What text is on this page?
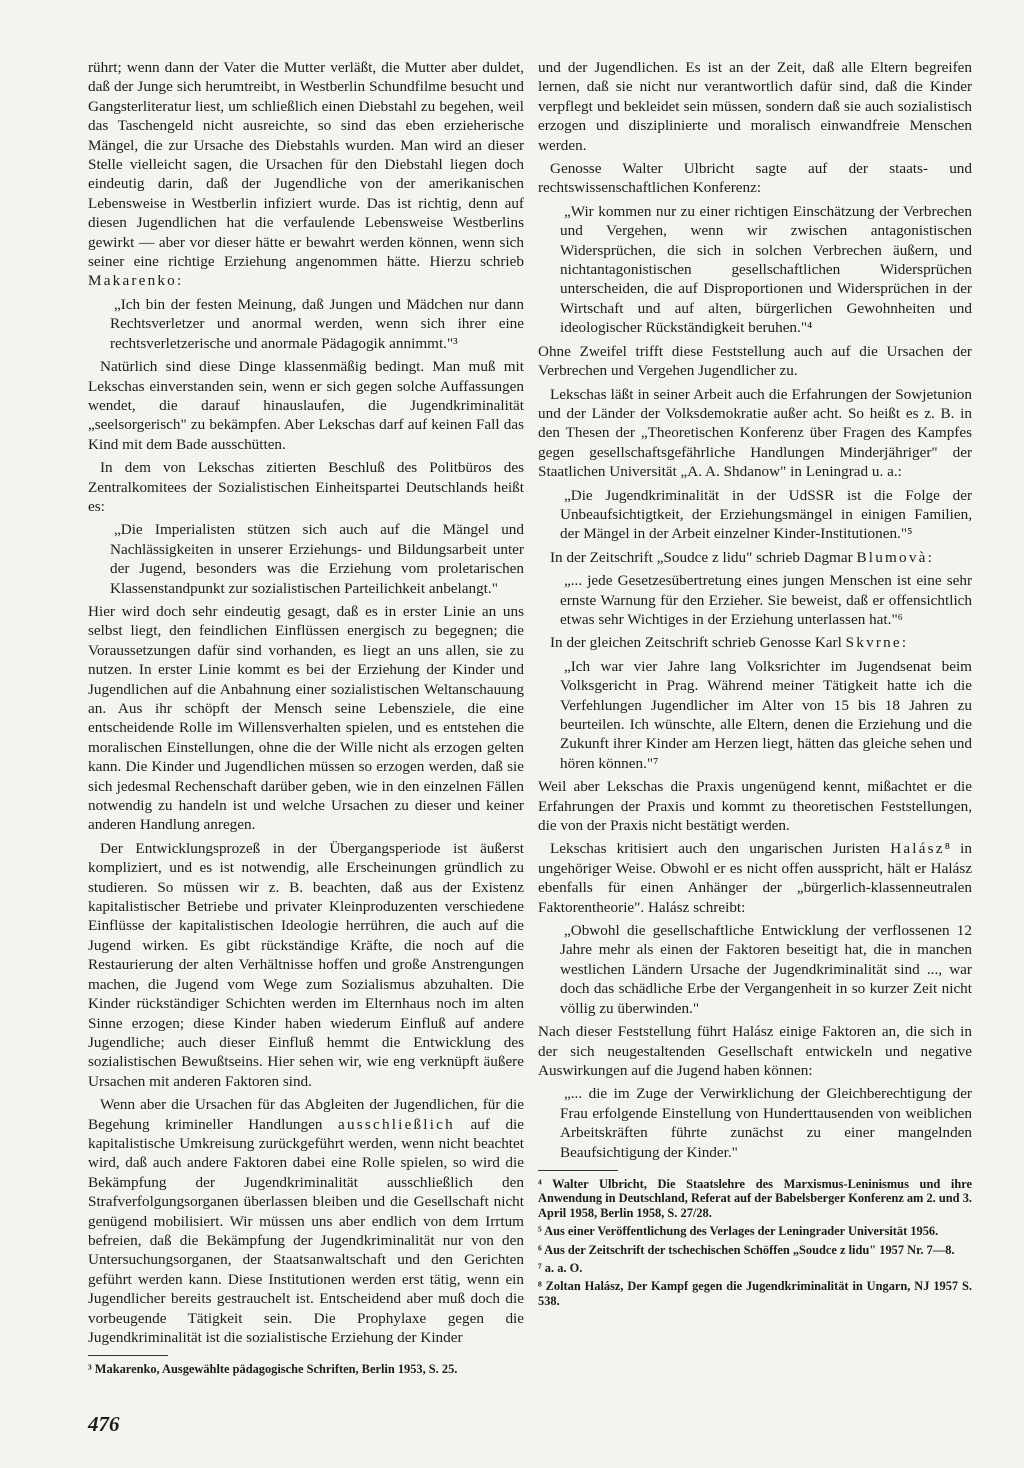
rührt; wenn dann der Vater die Mutter verläßt, die Mutter aber duldet, daß der Junge sich herumtreibt, in Westberlin Schundfilme besucht und Gangsterliteratur liest, um schließlich einen Diebstahl zu begehen, weil das Taschengeld nicht ausreichte, so sind das eben erzieherische Mängel, die zur Ursache des Diebstahls wurden. Man wird an dieser Stelle vielleicht sagen, die Ursachen für den Diebstahl liegen doch eindeutig darin, daß der Jugendliche von der amerikanischen Lebensweise in Westberlin infiziert wurde. Das ist richtig, denn auf diesen Jugendlichen hat die verfaulende Lebensweise Westberlins gewirkt — aber vor dieser hätte er bewahrt werden können, wenn sich seiner eine richtige Erziehung angenommen hätte. Hierzu schrieb Makarenko:

„Ich bin der festen Meinung, daß Jungen und Mädchen nur dann Rechtsverletzer und anormal werden, wenn sich ihrer eine rechtsverletzerische und anormale Pädagogik annimmt."³

Natürlich sind diese Dinge klassenmäßig bedingt. Man muß mit Lekschas einverstanden sein, wenn er sich gegen solche Auffassungen wendet, die darauf hinauslaufen, die Jugendkriminalität „seelsorgerisch" zu bekämpfen. Aber Lekschas darf auf keinen Fall das Kind mit dem Bade ausschütten.

In dem von Lekschas zitierten Beschluß des Politbüros des Zentralkomitees der Sozialistischen Einheitspartei Deutschlands heißt es:

„Die Imperialisten stützen sich auch auf die Mängel und Nachlässigkeiten in unserer Erziehungs- und Bildungsarbeit unter der Jugend, besonders was die Erziehung vom proletarischen Klassenstandpunkt zur sozialistischen Parteilichkeit anbelangt."

Hier wird doch sehr eindeutig gesagt, daß es in erster Linie an uns selbst liegt, den feindlichen Einflüssen energisch zu begegnen; die Voraussetzungen dafür sind vorhanden, es liegt an uns allen, sie zu nutzen. In erster Linie kommt es bei der Erziehung der Kinder und Jugendlichen auf die Anbahnung einer sozialistischen Weltanschauung an. Aus ihr schöpft der Mensch seine Lebensziele, die eine entscheidende Rolle im Willensverhalten spielen, und es entstehen die moralischen Einstellungen, ohne die der Wille nicht als erzogen gelten kann. Die Kinder und Jugendlichen müssen so erzogen werden, daß sie sich jedesmal Rechenschaft darüber geben, wie in den einzelnen Fällen notwendig zu handeln ist und welche Ursachen zu dieser und keiner anderen Handlung anregen.

Der Entwicklungsprozeß in der Übergangsperiode ist äußerst kompliziert, und es ist notwendig, alle Erscheinungen gründlich zu studieren. So müssen wir z. B. beachten, daß aus der Existenz kapitalistischer Betriebe und privater Kleinproduzenten verschiedene Einflüsse der kapitalistischen Ideologie herrühren, die auch auf die Jugend wirken. Es gibt rückständige Kräfte, die noch auf die Restaurierung der alten Verhältnisse hoffen und große Anstrengungen machen, die Jugend vom Wege zum Sozialismus abzuhalten. Die Kinder rückständiger Schichten werden im Elternhaus noch im alten Sinne erzogen; diese Kinder haben wiederum Einfluß auf andere Jugendliche; auch dieser Einfluß hemmt die Entwicklung des sozialistischen Bewußtseins. Hier sehen wir, wie eng verknüpft äußere Ursachen mit anderen Faktoren sind.

Wenn aber die Ursachen für das Abgleiten der Jugendlichen, für die Begehung krimineller Handlungen ausschließlich auf die kapitalistische Umkreisung zurückgeführt werden, wenn nicht beachtet wird, daß auch andere Faktoren dabei eine Rolle spielen, so wird die Bekämpfung der Jugendkriminalität ausschließlich den Strafverfolgungsorganen überlassen bleiben und die Gesellschaft nicht genügend mobilisiert. Wir müssen uns aber endlich von dem Irrtum befreien, daß die Bekämpfung der Jugendkriminalität nur von den Untersuchungsorganen, der Staatsanwaltschaft und den Gerichten geführt werden kann. Diese Institutionen werden erst tätig, wenn ein Jugendlicher bereits gestrauchelt ist. Entscheidend aber muß doch die vorbeugende Tätigkeit sein. Die Prophylaxe gegen die Jugendkriminalität ist die sozialistische Erziehung der Kinder

³ Makarenko, Ausgewählte pädagogische Schriften, Berlin 1953, S. 25.

und der Jugendlichen. Es ist an der Zeit, daß alle Eltern begreifen lernen, daß sie nicht nur verantwortlich dafür sind, daß die Kinder verpflegt und bekleidet sein müssen, sondern daß sie auch sozialistisch erzogen und disziplinierte und moralisch einwandfreie Menschen werden.

Genosse Walter Ulbricht sagte auf der staats- und rechtswissenschaftlichen Konferenz:

„Wir kommen nur zu einer richtigen Einschätzung der Verbrechen und Vergehen, wenn wir zwischen antagonistischen Widersprüchen, die sich in solchen Verbrechen äußern, und nichtantagonistischen gesellschaftlichen Widersprüchen unterscheiden, die auf Disproportionen und Widersprüchen in der Wirtschaft und auf alten, bürgerlichen Gewohnheiten und ideologischer Rückständigkeit beruhen."⁴

Ohne Zweifel trifft diese Feststellung auch auf die Ursachen der Verbrechen und Vergehen Jugendlicher zu.

Lekschas läßt in seiner Arbeit auch die Erfahrungen der Sowjetunion und der Länder der Volksdemokratie außer acht. So heißt es z. B. in den Thesen der „Theoretischen Konferenz über Fragen des Kampfes gegen gesellschaftsgefährliche Handlungen Minderjähriger" der Staatlichen Universität „A. A. Shdanow" in Leningrad u. a.:

„Die Jugendkriminalität in der UdSSR ist die Folge der Unbeaufsichtigtkeit, der Erziehungsmängel in einigen Familien, der Mängel in der Arbeit einzelner Kinder-Institutionen."⁵

In der Zeitschrift „Soudce z lidu" schrieb Dagmar Blumovà:

„... jede Gesetzesübertretung eines jungen Menschen ist eine sehr ernste Warnung für den Erzieher. Sie beweist, daß er offensichtlich etwas sehr Wichtiges in der Erziehung unterlassen hat."⁶

In der gleichen Zeitschrift schrieb Genosse Karl Skvrne:

„Ich war vier Jahre lang Volksrichter im Jugendsenat beim Volksgericht in Prag. Während meiner Tätigkeit hatte ich die Verfehlungen Jugendlicher im Alter von 15 bis 18 Jahren zu beurteilen. Ich wünschte, alle Eltern, denen die Erziehung und die Zukunft ihrer Kinder am Herzen liegt, hätten das gleiche sehen und hören können."⁷

Weil aber Lekschas die Praxis ungenügend kennt, mißachtet er die Erfahrungen der Praxis und kommt zu theoretischen Feststellungen, die von der Praxis nicht bestätigt werden.

Lekschas kritisiert auch den ungarischen Juristen Halász⁸ in ungehöriger Weise. Obwohl er es nicht offen ausspricht, hält er Halász ebenfalls für einen Anhänger der „bürgerlich-klassenneutralen Faktorentheorie". Halász schreibt:

„Obwohl die gesellschaftliche Entwicklung der verflossenen 12 Jahre mehr als einen der Faktoren beseitigt hat, die in manchen westlichen Ländern Ursache der Jugendkriminalität sind ..., war doch das schädliche Erbe der Vergangenheit in so kurzer Zeit nicht völlig zu überwinden."

Nach dieser Feststellung führt Halász einige Faktoren an, die sich in der sich neugestaltenden Gesellschaft entwickeln und negative Auswirkungen auf die Jugend haben können:

„... die im Zuge der Verwirklichung der Gleichberechtigung der Frau erfolgende Einstellung von Hunderttausenden von weiblichen Arbeitskräften führte zunächst zu einer mangelnden Beaufsichtigung der Kinder."

⁴ Walter Ulbricht, Die Staatslehre des Marxismus-Leninismus und ihre Anwendung in Deutschland, Referat auf der Babelsberger Konferenz am 2. und 3. April 1958, Berlin 1958, S. 27/28.

⁵ Aus einer Veröffentlichung des Verlages der Leningrader Universität 1956.

⁶ Aus der Zeitschrift der tschechischen Schöffen „Soudce z lidu" 1957 Nr. 7—8.

⁷ a. a. O.

⁸ Zoltan Halász, Der Kampf gegen die Jugendkriminalität in Ungarn, NJ 1957 S. 538.

476
